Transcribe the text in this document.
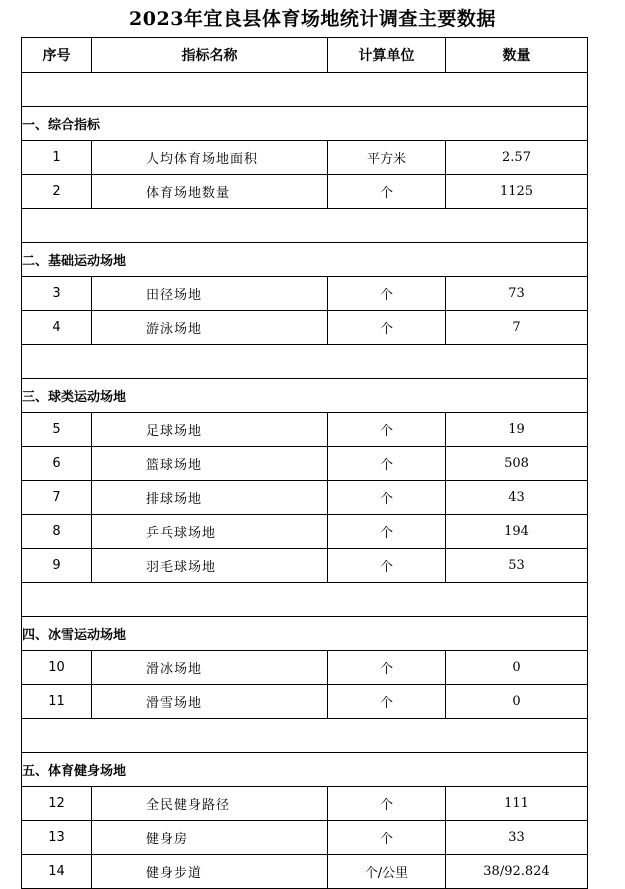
2023年宜良县体育场地统计调查主要数据
序号	指标名称	计算单位	数量

一、综合指标			
1	人均体育场地面积	平方米	2.57
2	体育场地数量	个	1125

二、基础运动场地			
3	田径场地	个	73
4	游泳场地	个	7

三、球类运动场地			
5	足球场地	个	19
6	篮球场地	个	508
7	排球场地	个	43
8	乒乓球场地	个	194
9	羽毛球场地	个	53

四、冰雪运动场地			
10	滑冰场地	个	0
11	滑雪场地	个	0

五、体育健身场地			
12	全民健身路径	个	111
13	健身房	个	33
14	健身步道	个/公里	38/92.824
